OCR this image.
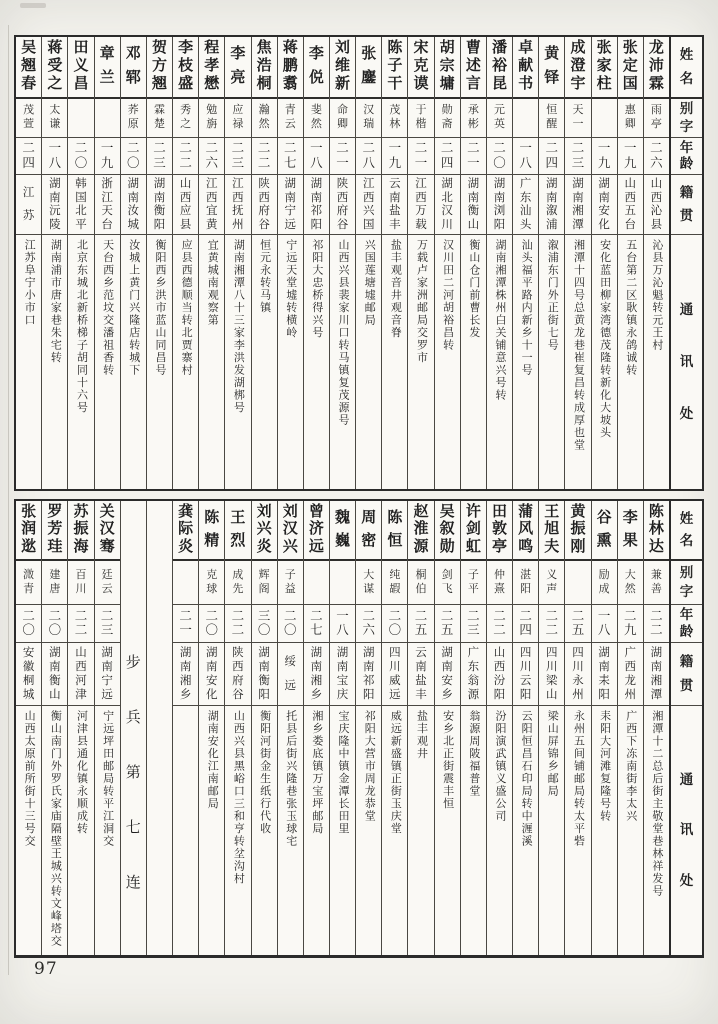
姓
名
别
字
年
龄
籍
贯
通
讯
处
龙
沛
霖
雨
亭
二
六
山
西
沁
县
沁县万沁魁转元王村
张
定
国
惠
卿
一
九
山
西
五
台
五台第二区耿镇永鸽诚转
张
家
柱
一
九
湖
南
安
化
安化蓝田柳家湾德茂隆转新化大坡头
成
澄
宇
天
一
二
三
湖
南
湘
潭
湘潭十四号总黄龙巷崔复昌转成厚也堂
黄
铎
恒
醒
二
四
湖
南
溆
浦
溆浦东门外正街七号
卓
献
书
一
八
广
东
汕
头
汕头福平路内新乡十一号
潘
裕
昆
元
英
二
〇
湖
南
浏
阳
湖南湘潭株州白关铺意兴号转
曹
述
言
承
彬
二
一
湖
南
衡
山
衡山仓门前曹长发
胡
宗
墉
勋
斋
二
四
湖
北
汉
川
汉川田二河胡裕昌转
宋
克
谟
于
楷
二
一
江
西
万
载
万载卢家洲邮局交罗市
陈
子
干
茂
林
一
九
云
南
盐
丰
盐丰观音井观音脊
张
鏖
汉
瑞
二
八
江
西
兴
国
兴国莲塘墟邮局
刘
维
新
命
卿
二
一
陕
西
府
谷
山西兴县裴家川口转马镇复茂源号
李
侻
斐
然
一
八
湖
南
祁
阳
祁阳大忠桥得兴号
蒋
鹏
翥
青
云
二
七
湖
南
宁
远
宁远天堂墟转横岭
焦
浩
桐
瀚
然
二
二
陕
西
府
谷
恒元永转马镇
李
亮
应
禄
二
三
江
西
抚
州
湖南湘潭八十三家李洪发湖梆号
程
孝
懋
勉
旃
二
六
江
西
宜
黄
宜黄城南观察第
李
枝
盛
秀
之
二
二
山
西
应
县
应县西德顺当转北贾寨村
贺
方
翘
霖
楚
二
三
湖
南
衡
阳
衡阳西乡洪市蓝山同昌号
邓
郓
荞
原
二
〇
湖
南
汝
城
汝城上黄门兴隆店转城下
章
兰
一
九
浙
江
天
台
天台西乡范坟交潘祖香转
田
义
昌
二
〇
韩
国
北
平
北京东城北新桥梯子胡同十六号
蒋
受
之
太
谦
一
八
湖
南
沅
陵
湖南浦市唐家巷朱宅转
吴
翘
春
茂
萱
二
四
江
苏
江苏阜宁小市口
姓
名
别
字
年
龄
籍
贯
通
讯
处
陈
林
达
兼
善
二
二
湖
南
湘
潭
湘潭十二总后街主敬堂巷林祥发号
李
果
大
然
二
九
广
西
龙
州
广西下冻南街李太兴
谷
熏
励
成
一
八
湖
南
耒
阳
耒阳大河滩复隆号转
黄
振
刚
二
五
四
川
永
州
永州五间铺邮局转太平砦
王
旭
夫
义
声
二
二
四
川
梁
山
梁山屏锦乡邮局
蒲
风
鸣
湛
阳
二
四
四
川
云
阳
云阳恒昌石印局转中湹溪
田
敦
亭
仲
熹
二
二
山
西
汾
阳
汾阳演武镇义盛公司
许
剑
虹
子
平
二
三
广
东
翁
源
翁源周陂福普堂
吴
叙
勋
剑
飞
二
五
湖
南
安
乡
安乡北正街震丰恒
赵
淮
源
桐
伯
二
五
云
南
盐
丰
盐丰观井
陈
恒
纯
嘏
二
〇
四
川
威
远
威远新盛镇正街玉庆堂
周
密
大
谋
二
六
湖
南
祁
阳
祁阳大营市周龙恭堂
魏
巍
一
八
湖
南
宝
庆
宝庆隆中镇金潭长田里
曾
济
远
二
七
湖
南
湘
乡
湘乡娄底镇万宝坪邮局
刘
汉
兴
子
益
二
〇
绥
远
托县后街兴隆巷张玉球宅
刘
兴
炎
辉
阁
三
〇
湖
南
衡
阳
衡阳河街金生纸行代收
王
烈
成
先
二
二
陕
西
府
谷
山西兴县黑峪口三和亨转坌沟村
陈
精
克
球
二
〇
湖
南
安
化
湖南安化江南邮局
龚
际
炎
二
一
湖
南
湘
乡
步
兵
第
七
连
关
汉
骞
廷
云
二
三
湖
南
宁
远
宁远坪田邮局转平江洞交
苏
振
海
百
川
二
二
山
西
河
津
河津县通化镇永顺成转
罗
芳
珪
建
唐
二
〇
湖
南
衡
山
衡山南门外罗氏家庙隔壁王城兴转文峰塔交
张
润
逖
溦
青
二
〇
安
徽
桐
城
山西太原前所街十三号交
97
